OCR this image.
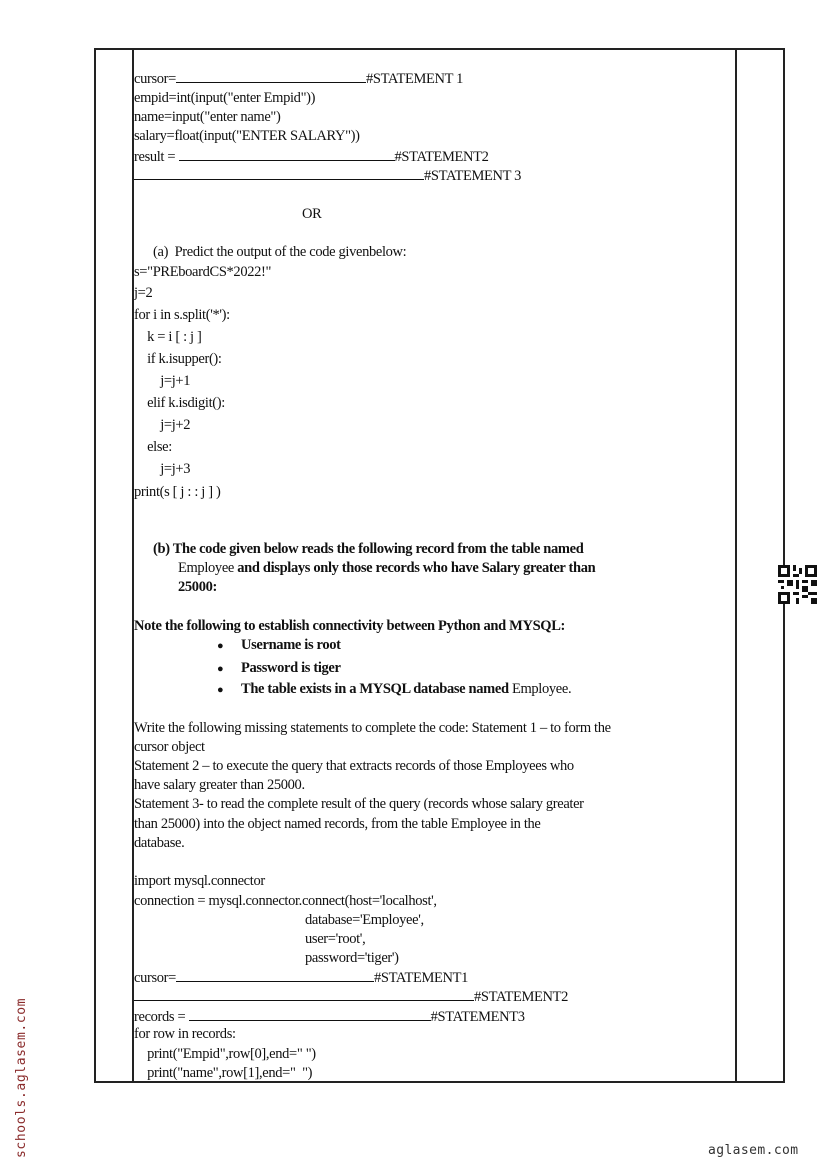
cursor=	#STATEMENT 1
empid=int(input("enter Empid"))
name=input("enter name")
salary=float(input("ENTER SALARY"))
result =	#STATEMENT2
#STATEMENT 3
OR
(a)  Predict the output of the code givenbelow:
s="PREboardCS*2022!"
j=2
for i in s.split('*'):
k = i [ : j ]
if k.isupper():
j=j+1
elif k.isdigit():
j=j+2
else:
j=j+3
print(s [ j : : j ] )
(b) The code given below reads the following record from the table named
Employee and displays only those records who have Salary greater than
25000:
Note the following to establish connectivity between Python and MYSQL:
● Username is root
● Password is tiger
● The table exists in a MYSQL database named Employee.
Write the following missing statements to complete the code: Statement 1 – to form the
cursor object
Statement 2 – to execute the query that extracts records of those Employees who
have salary greater than 25000.
Statement 3- to read the complete result of the query (records whose salary greater
than 25000) into the object named records, from the table Employee in the
database.
import mysql.connector
connection = mysql.connector.connect(host='localhost',
database='Employee',
user='root',
password='tiger')
cursor=	#STATEMENT1
#STATEMENT2
records =	#STATEMENT3
for row in records:
print("Empid",row[0],end=" ")
print("name",row[1],end="  ")
schools.aglasem.com	aglasem.com
